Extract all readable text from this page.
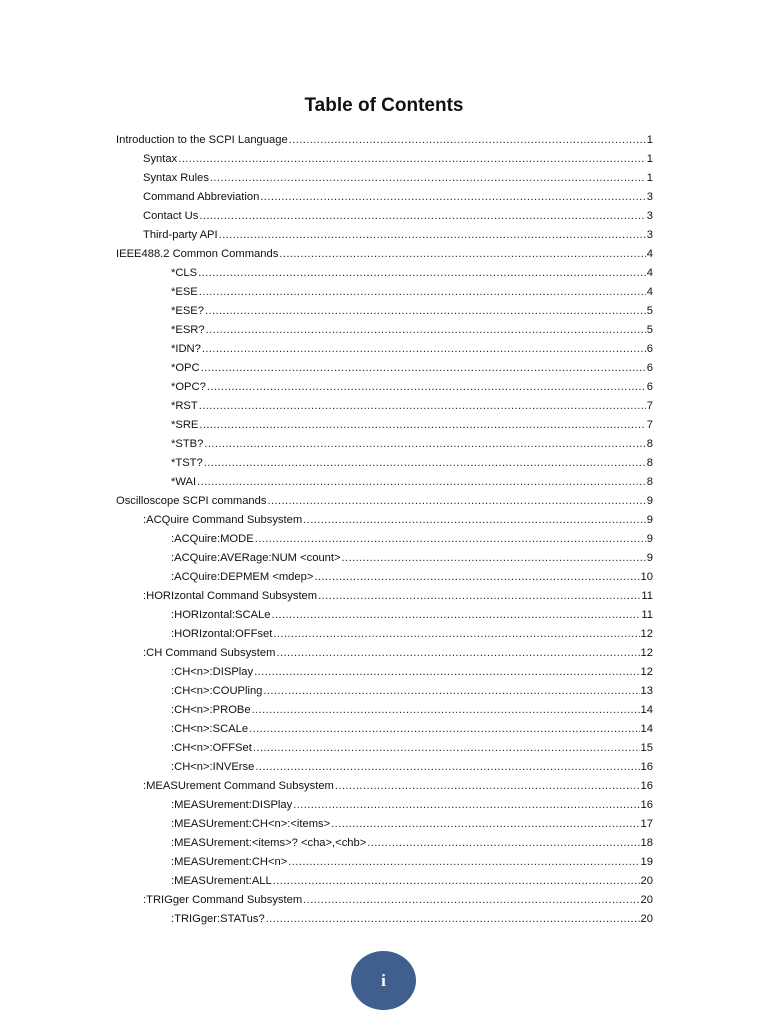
Table of Contents
Introduction to the SCPI Language .....	1
Syntax .....	1
Syntax Rules .....	1
Command Abbreviation .....	3
Contact Us .....	3
Third-party API .....	3
IEEE488.2 Common Commands .....	4
*CLS .....	4
*ESE .....	4
*ESE? .....	5
*ESR? .....	5
*IDN? .....	6
*OPC .....	6
*OPC? .....	6
*RST .....	7
*SRE .....	7
*STB? .....	8
*TST? .....	8
*WAI .....	8
Oscilloscope SCPI commands .....	9
:ACQuire Command Subsystem .....	9
:ACQuire:MODE .....	9
:ACQuire:AVERage:NUM <count> .....	9
:ACQuire:DEPMEM <mdep> .....	10
:HORIzontal Command Subsystem .....	11
:HORIzontal:SCALe .....	11
:HORIzontal:OFFset .....	12
:CH Command Subsystem .....	12
:CH<n>:DISPlay .....	12
:CH<n>:COUPling .....	13
:CH<n>:PROBe .....	14
:CH<n>:SCALe .....	14
:CH<n>:OFFSet .....	15
:CH<n>:INVErse .....	16
:MEASUrement Command Subsystem .....	16
:MEASUrement:DISPlay .....	16
:MEASUrement:CH<n>:<items> .....	17
:MEASUrement:<items>? <cha>,<chb> .....	18
:MEASUrement:CH<n> .....	19
:MEASUrement:ALL .....	20
:TRIGger Command Subsystem .....	20
:TRIGger:STATus? .....	20
i
